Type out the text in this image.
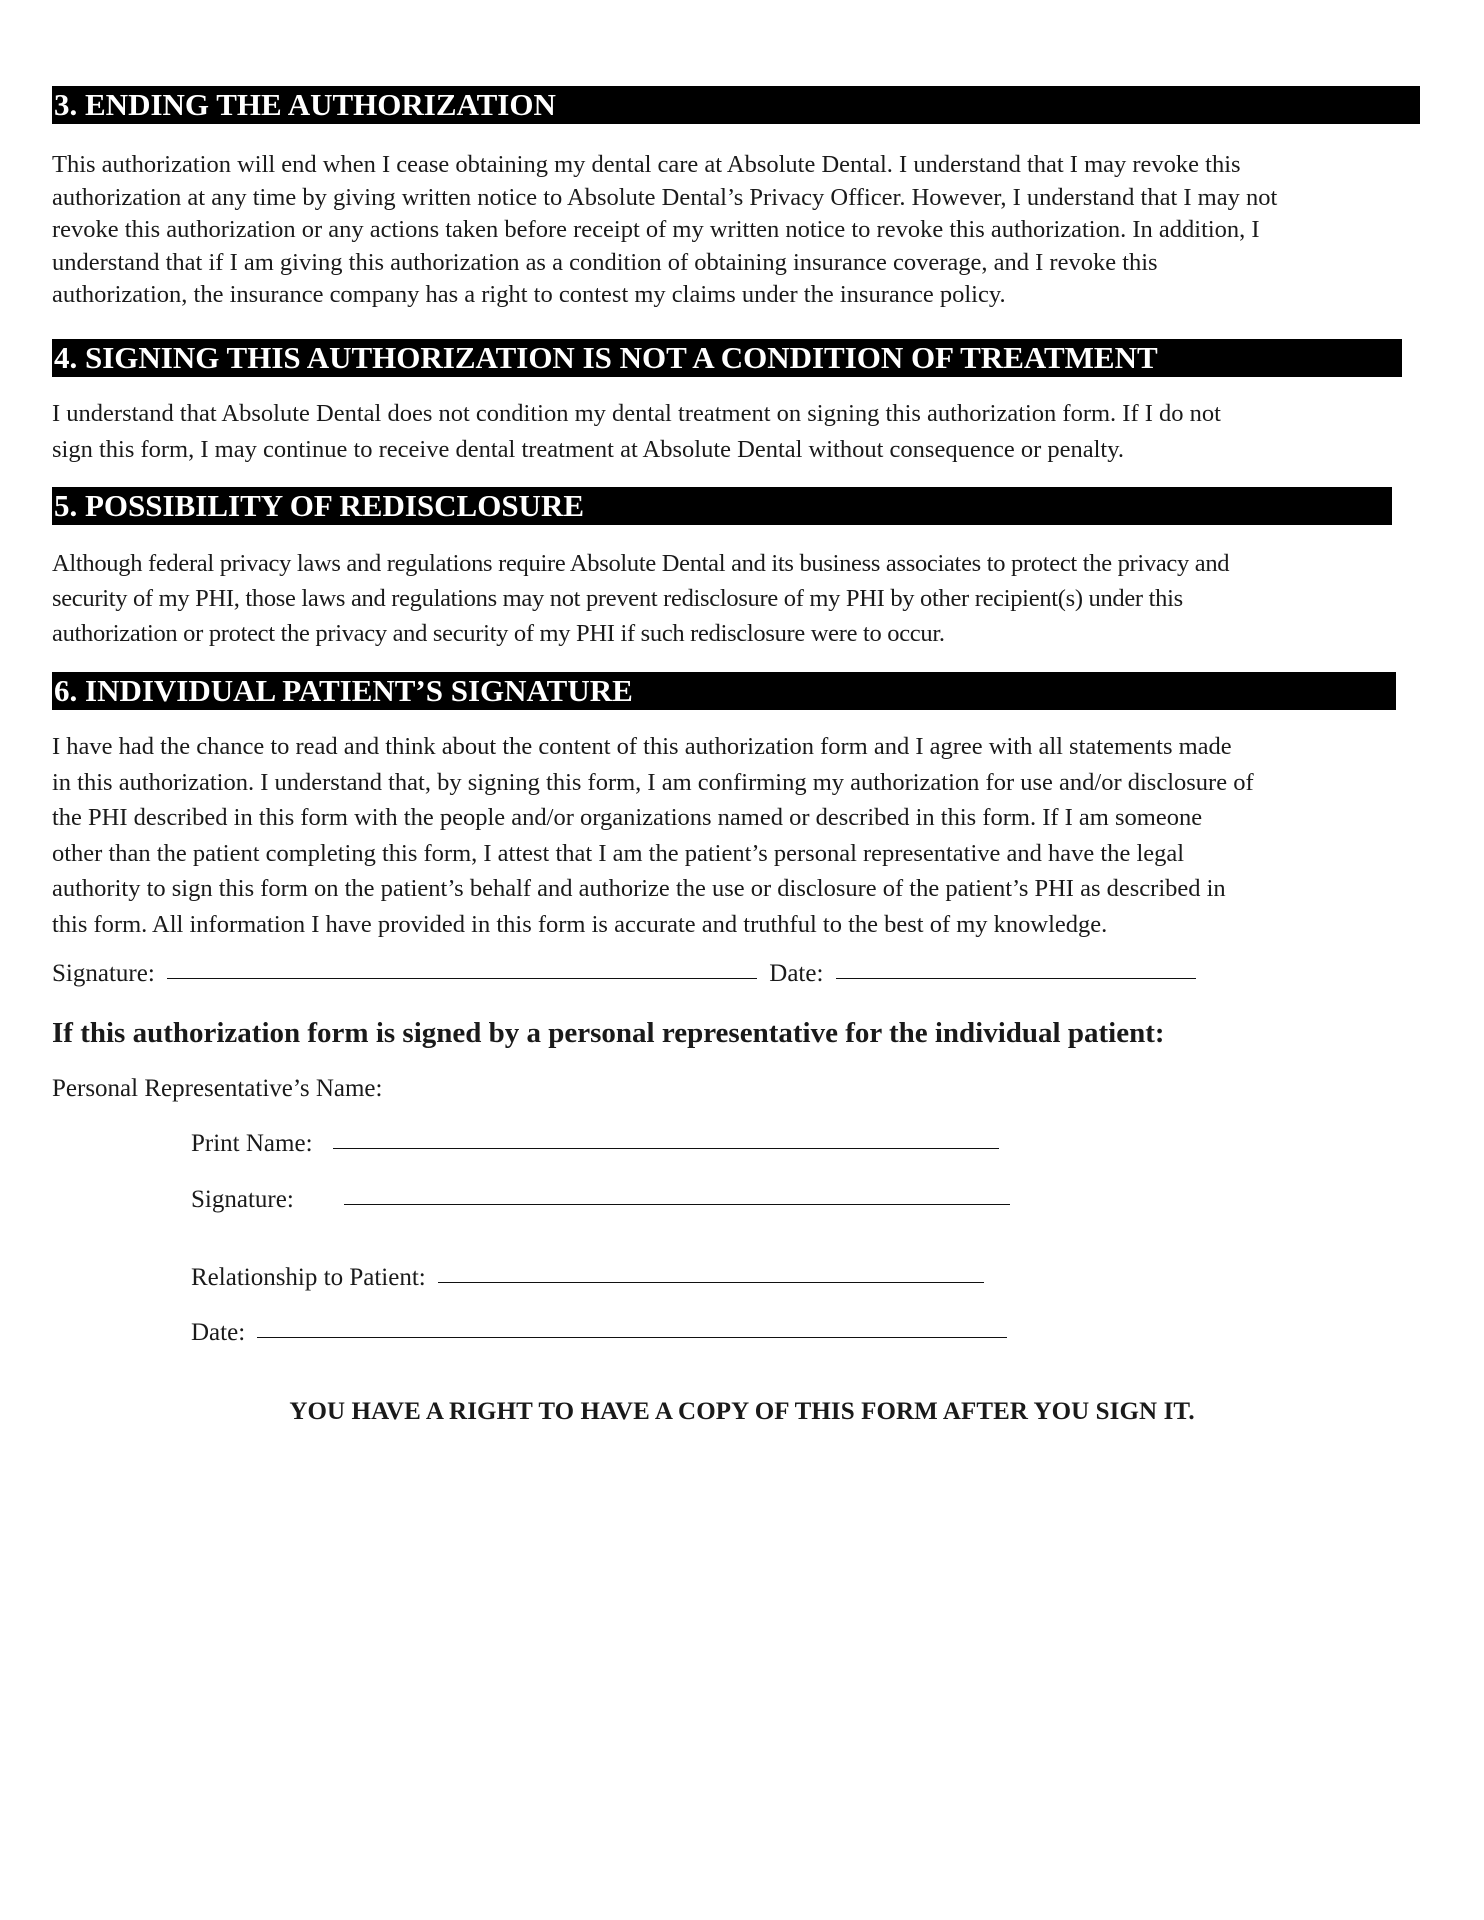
3. ENDING THE AUTHORIZATION
This authorization will end when I cease obtaining my dental care at Absolute Dental. I understand that I may revoke this
authorization at any time by giving written notice to Absolute Dental’s Privacy Officer. However, I understand that I may not
revoke this authorization or any actions taken before receipt of my written notice to revoke this authorization. In addition, I
understand that if I am giving this authorization as a condition of obtaining insurance coverage, and I revoke this
authorization, the insurance company has a right to contest my claims under the insurance policy.
4. SIGNING THIS AUTHORIZATION IS NOT A CONDITION OF TREATMENT
I understand that Absolute Dental does not condition my dental treatment on signing this authorization form. If I do not
sign this form, I may continue to receive dental treatment at Absolute Dental without consequence or penalty.
5. POSSIBILITY OF REDISCLOSURE
Although federal privacy laws and regulations require Absolute Dental and its business associates to protect the privacy and
security of my PHI, those laws and regulations may not prevent redisclosure of my PHI by other recipient(s) under this
authorization or protect the privacy and security of my PHI if such redisclosure were to occur.
6. INDIVIDUAL PATIENT’S SIGNATURE
I have had the chance to read and think about the content of this authorization form and I agree with all statements made
in this authorization. I understand that, by signing this form, I am confirming my authorization for use and/or disclosure of
the PHI described in this form with the people and/or organizations named or described in this form. If I am someone
other than the patient completing this form, I attest that I am the patient’s personal representative and have the legal
authority to sign this form on the patient’s behalf and authorize the use or disclosure of the patient’s PHI as described in
this form. All information I have provided in this form is accurate and truthful to the best of my knowledge.
Signature:	Date:
If this authorization form is signed by a personal representative for the individual patient:
Personal Representative’s Name:
Print Name:
Signature:
Relationship to Patient:
Date:
YOU HAVE A RIGHT TO HAVE A COPY OF THIS FORM AFTER YOU SIGN IT.
